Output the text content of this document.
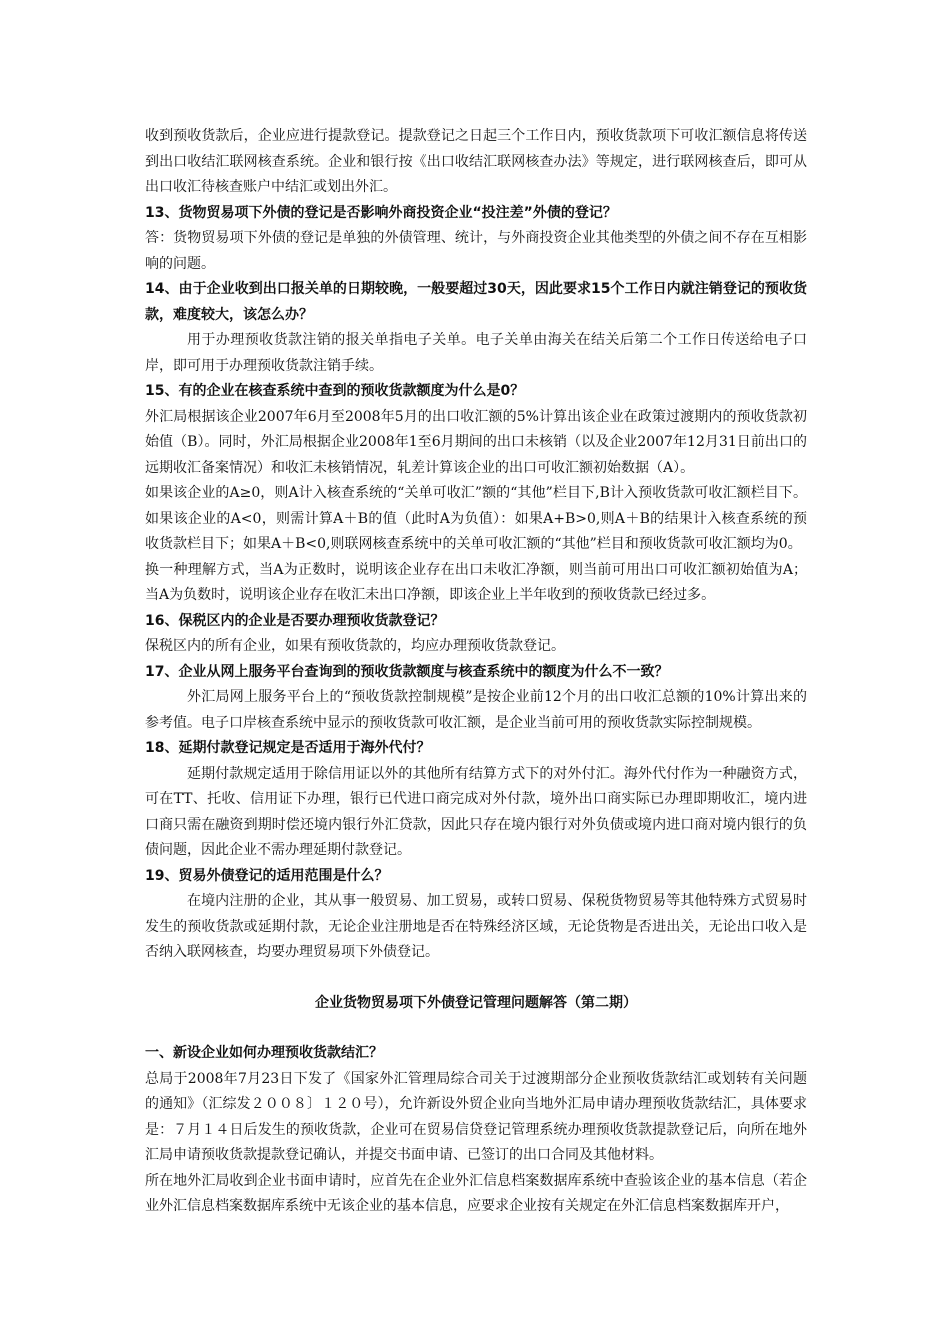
收到预收货款后，企业应进行提款登记。提款登记之日起三个工作日内，预收货款项下可收汇额信息将传送到出口收结汇联网核查系统。企业和银行按《出口收结汇联网核查办法》等规定，进行联网核查后，即可从出口收汇待核查账户中结汇或划出外汇。

13、货物贸易项下外债的登记是否影响外商投资企业“投注差”外债的登记？

答：货物贸易项下外债的登记是单独的外债管理、统计，与外商投资企业其他类型的外债之间不存在互相影响的问题。

14、由于企业收到出口报关单的日期较晚，一般要超过30天，因此要求15个工作日内就注销登记的预收货款，难度较大，该怎么办？

用于办理预收货款注销的报关单指电子关单。电子关单由海关在结关后第二个工作日传送给电子口岸，即可用于办理预收货款注销手续。

15、有的企业在核查系统中查到的预收货款额度为什么是0？

外汇局根据该企业2007年6月至2008年5月的出口收汇额的5%计算出该企业在政策过渡期内的预收货款初始值（B）。同时，外汇局根据企业2008年1至6月期间的出口未核销（以及企业2007年12月31日前出口的远期收汇备案情况）和收汇未核销情况，轧差计算该企业的出口可收汇额初始数据（A）。

如果该企业的A≥0，则A计入核查系统的“关单可收汇”额的“其他”栏目下,B计入预收货款可收汇额栏目下。如果该企业的A<0，则需计算A＋B的值（此时A为负值）：如果A+B>0,则A＋B的结果计入核查系统的预收货款栏目下；如果A＋B<0,则联网核查系统中的关单可收汇额的“其他”栏目和预收货款可收汇额均为0。

换一种理解方式，当A为正数时，说明该企业存在出口未收汇净额，则当前可用出口可收汇额初始值为A；当A为负数时，说明该企业存在收汇未出口净额，即该企业上半年收到的预收货款已经过多。

16、保税区内的企业是否要办理预收货款登记？

保税区内的所有企业，如果有预收货款的，均应办理预收货款登记。

17、企业从网上服务平台查询到的预收货款额度与核查系统中的额度为什么不一致？

外汇局网上服务平台上的“预收货款控制规模”是按企业前12个月的出口收汇总额的10%计算出来的参考值。电子口岸核查系统中显示的预收货款可收汇额，是企业当前可用的预收货款实际控制规模。

18、延期付款登记规定是否适用于海外代付？

延期付款规定适用于除信用证以外的其他所有结算方式下的对外付汇。海外代付作为一种融资方式，可在TT、托收、信用证下办理，银行已代进口商完成对外付款，境外出口商实际已办理即期收汇，境内进口商只需在融资到期时偿还境内银行外汇贷款，因此只存在境内银行对外负债或境内进口商对境内银行的负债问题，因此企业不需办理延期付款登记。

19、贸易外债登记的适用范围是什么？

在境内注册的企业，其从事一般贸易、加工贸易，或转口贸易、保税货物贸易等其他特殊方式贸易时发生的预收货款或延期付款，无论企业注册地是否在特殊经济区域，无论货物是否进出关，无论出口收入是否纳入联网核查，均要办理贸易项下外债登记。

企业货物贸易项下外债登记管理问题解答（第二期）

一、新设企业如何办理预收货款结汇？

总局于2008年7月23日下发了《国家外汇管理局综合司关于过渡期部分企业预收货款结汇或划转有关问题的通知》（汇综发２００８〕１２０号），允许新设外贸企业向当地外汇局申请办理预收货款结汇，具体要求是：７月１４日后发生的预收货款，企业可在贸易信贷登记管理系统办理预收货款提款登记后，向所在地外汇局申请预收货款提款登记确认，并提交书面申请、已签订的出口合同及其他材料。

所在地外汇局收到企业书面申请时，应首先在企业外汇信息档案数据库系统中查验该企业的基本信息（若企业外汇信息档案数据库系统中无该企业的基本信息，应要求企业按有关规定在外汇信息档案数据库开户，
